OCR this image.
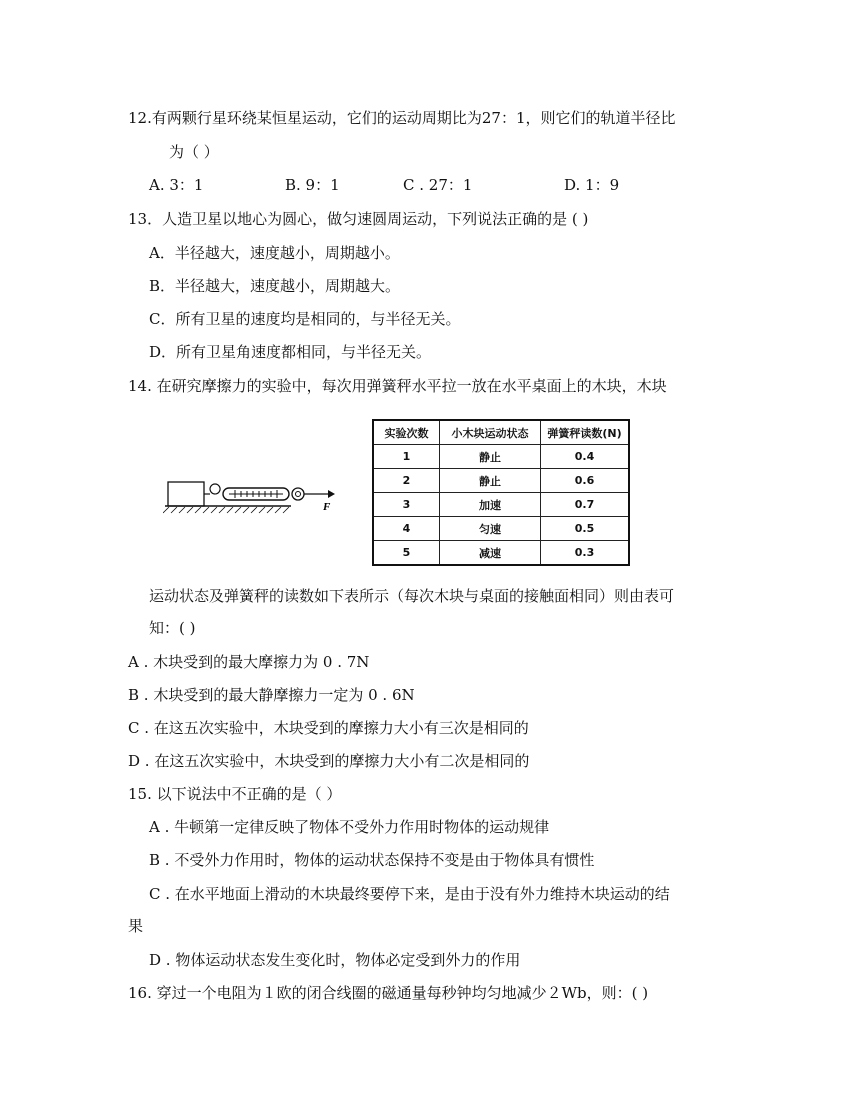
12.有两颗行星环绕某恒星运动，它们的运动周期比为27：1，则它们的轨道半径比
为（ ）
A. 3：1	B. 9：1	C . 27：1	D. 1：9
13．人造卫星以地心为圆心，做匀速圆周运动，下列说法正确的是 ( )
A．半径越大，速度越小，周期越小。
B．半径越大，速度越小，周期越大。
C．所有卫星的速度均是相同的，与半径无关。
D．所有卫星角速度都相同，与半径无关。
14. 在研究摩擦力的实验中，每次用弹簧秤水平拉一放在水平桌面上的木块，木块
F
实验次数	小木块运动状态	弹簧秤读数(N)
1	静止	0.4
2	静止	0.6
3	加速	0.7
4	匀速	0.5
5	减速	0.3
运动状态及弹簧秤的读数如下表所示（每次木块与桌面的接触面相同）则由表可
知：( )
A . 木块受到的最大摩擦力为 0 . 7N
B . 木块受到的最大静摩擦力一定为 0 . 6N
C . 在这五次实验中，木块受到的摩擦力大小有三次是相同的
D . 在这五次实验中，木块受到的摩擦力大小有二次是相同的
15. 以下说法中不正确的是（ ）
A . 牛顿第一定律反映了物体不受外力作用时物体的运动规律
B . 不受外力作用时，物体的运动状态保持不变是由于物体具有惯性
C . 在水平地面上滑动的木块最终要停下来，是由于没有外力维持木块运动的结
果
D . 物体运动状态发生变化时，物体必定受到外力的作用
16. 穿过一个电阻为１欧的闭合线圈的磁通量每秒钟均匀地减少２Wb，则：( )
